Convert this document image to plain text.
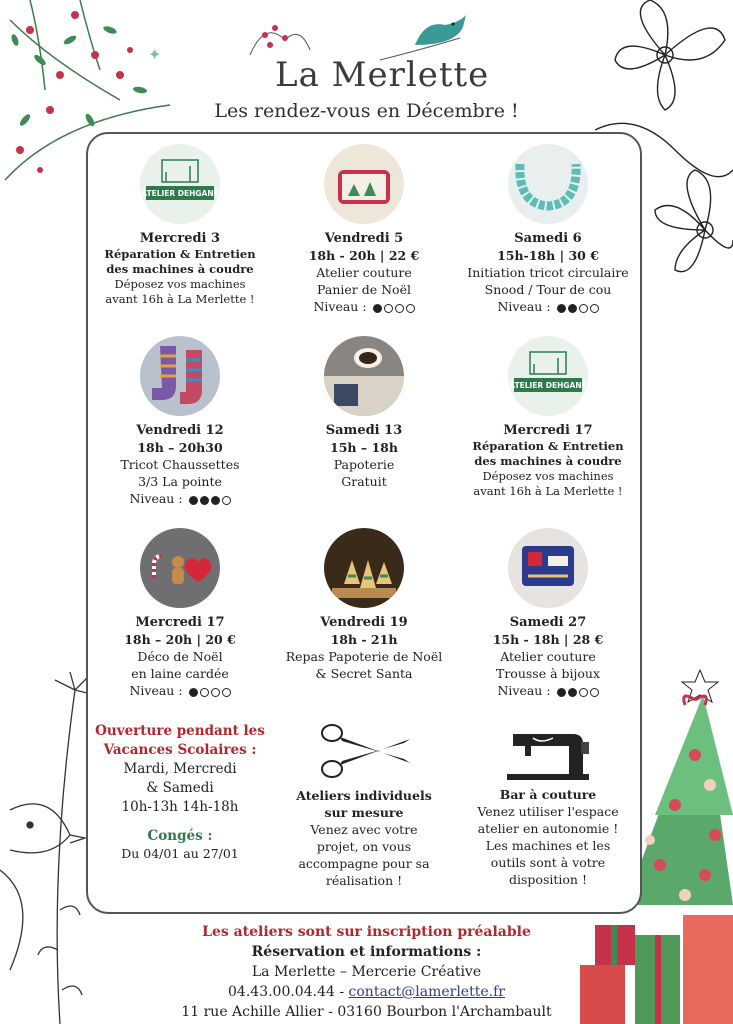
✦
La Merlette
Les rendez-vous en Décembre !
ATELIER DEHGANE
Mercredi 3
Réparation & Entretien
des machines à coudre
Déposez vos machines
avant 16h à La Merlette !
Vendredi 5
18h - 20h | 22 €
Atelier couture
Panier de Noël
Niveau :
Samedi 6
15h-18h | 30 €
Initiation tricot circulaire
Snood / Tour de cou
Niveau :
Vendredi 12
18h – 20h30
Tricot Chaussettes
3/3 La pointe
Niveau :
Samedi 13
15h – 18h
Papoterie
Gratuit
ATELIER DEHGANE
Mercredi 17
Réparation & Entretien
des machines à coudre
Déposez vos machines
avant 16h à La Merlette !
Mercredi 17
18h – 20h | 20 €
Déco de Noël
en laine cardée
Niveau :
Vendredi 19
18h - 21h
Repas Papoterie de Noël
& Secret Santa
Samedi 27
15h - 18h | 28 €
Atelier couture
Trousse à bijoux
Niveau :
Ouverture pendant les
Vacances Scolaires :
Mardi, Mercredi
& Samedi
10h-13h 14h-18h
Congés :
Du 04/01 au 27/01
Ateliers individuels
sur mesure
Venez avec votre
projet, on vous
accompagne pour sa
réalisation !
Bar à couture
Venez utiliser l'espace
atelier en autonomie !
Les machines et les
outils sont à votre
disposition !
Les ateliers sont sur inscription préalable
Réservation et informations :
La Merlette – Mercerie Créative
04.43.00.04.44 - contact@lamerlette.fr
11 rue Achille Allier - 03160 Bourbon l'Archambault
